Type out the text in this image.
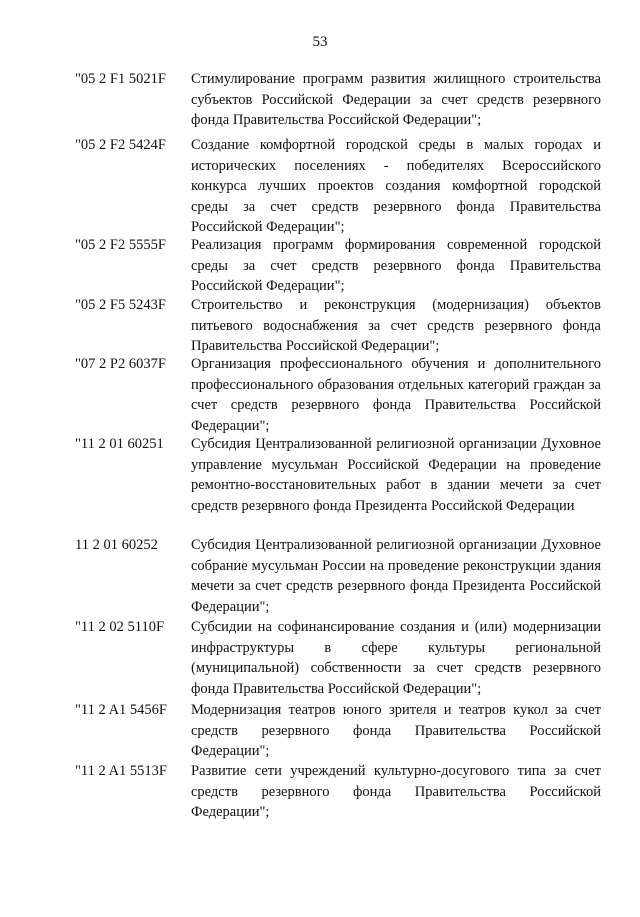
53
"05 2 F1 5021F	Стимулирование программ развития жилищного строительства субъектов Российской Федерации за счет средств резервного фонда Правительства Российской Федерации";
"05 2 F2 5424F	Создание комфортной городской среды в малых городах и исторических поселениях - победителях Всероссийского конкурса лучших проектов создания комфортной городской среды за счет средств резервного фонда Правительства Российской Федерации";
"05 2 F2 5555F	Реализация программ формирования современной городской среды за счет средств резервного фонда Правительства Российской Федерации";
"05 2 F5 5243F	Строительство и реконструкция (модернизация) объектов питьевого водоснабжения за счет средств резервного фонда Правительства Российской Федерации";
"07 2 P2 6037F	Организация профессионального обучения и дополнительного профессионального образования отдельных категорий граждан за счет средств резервного фонда Правительства Российской Федерации";
"11 2 01 60251	Субсидия Централизованной религиозной организации Духовное управление мусульман Российской Федерации на проведение ремонтно-восстановительных работ в здании мечети за счет средств резервного фонда Президента Российской Федерации
11 2 01 60252	Субсидия Централизованной религиозной организации Духовное собрание мусульман России на проведение реконструкции здания мечети за счет средств резервного фонда Президента Российской Федерации";
"11 2 02 5110F	Субсидии на софинансирование создания и (или) модернизации инфраструктуры в сфере культуры региональной (муниципальной) собственности за счет средств резервного фонда Правительства Российской Федерации";
"11 2 A1 5456F	Модернизация театров юного зрителя и театров кукол за счет средств резервного фонда Правительства Российской Федерации";
"11 2 A1 5513F	Развитие сети учреждений культурно-досугового типа за счет средств резервного фонда Правительства Российской Федерации";
